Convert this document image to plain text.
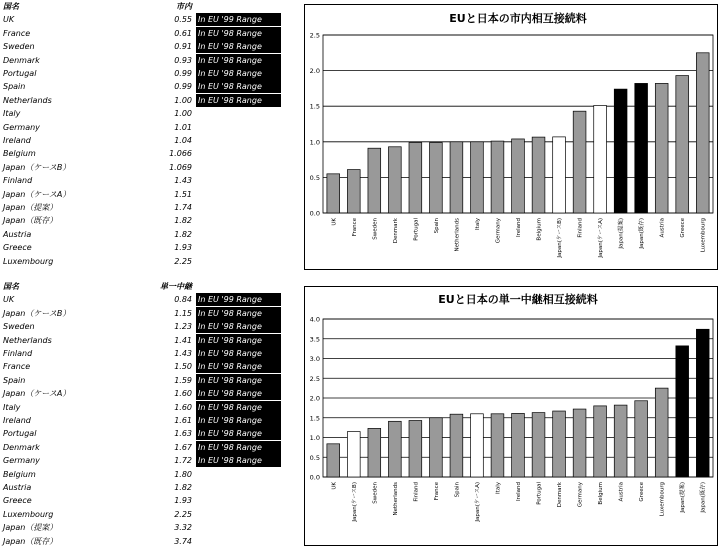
国名	市内
UK	0.55 In EU '99 Range
France	0.61 In EU '98 Range
Sweden	0.91 In EU '98 Range
Denmark	0.93 In EU '98 Range
Portugal	0.99 In EU '98 Range
Spain	0.99 In EU '98 Range
Netherlands	1.00 In EU '98 Range
Italy	1.00
Germany	1.01
Ireland	1.04
Belgium	1.066
Japan（ケースB）	1.069
Finland	1.43
Japan（ケースA）	1.51
Japan（提案）	1.74
Japan（既存）	1.82
Austria	1.82
Greece	1.93
Luxembourg	2.25
国名	単一中継
UK	0.84 In EU '99 Range
Japan（ケースB）	1.15 In EU '98 Range
Sweden	1.23 In EU '98 Range
Netherlands	1.41 In EU '98 Range
Finland	1.43 In EU '98 Range
France	1.50 In EU '98 Range
Spain	1.59 In EU '98 Range
Japan（ケースA）	1.60 In EU '98 Range
Italy	1.60 In EU '98 Range
Ireland	1.61 In EU '98 Range
Portugal	1.63 In EU '98 Range
Denmark	1.67 In EU '98 Range
Germany	1.72 In EU '98 Range
Belgium	1.80
Austria	1.82
Greece	1.93
Luxembourg	2.25
Japan（提案）	3.32
Japan（既存）	3.74
EUと日本の市内相互接続料
0.0
0.5
1.0
1.5
2.0
2.5
UK	France	Sweden	Denmark	Portugal	Spain	Netherlands	Italy	Germany	Ireland	Belgium	Japan(ケースB)	Finland	Japan(ケースA)	Japan(提案)	Japan(既存)	Austria	Greece	Luxembourg
EUと日本の単一中継相互接続料
0.0
0.5
1.0
1.5
2.0
2.5
3.0
3.5
4.0
UK	Japan(ケースB)	Sweden	Netherlands	Finland	France	Spain	Japan(ケースA)	Italy	Ireland	Portugal	Denmark	Germany	Belgium	Austria	Greece	Luxembourg	Japan(提案)	Japan(既存)
